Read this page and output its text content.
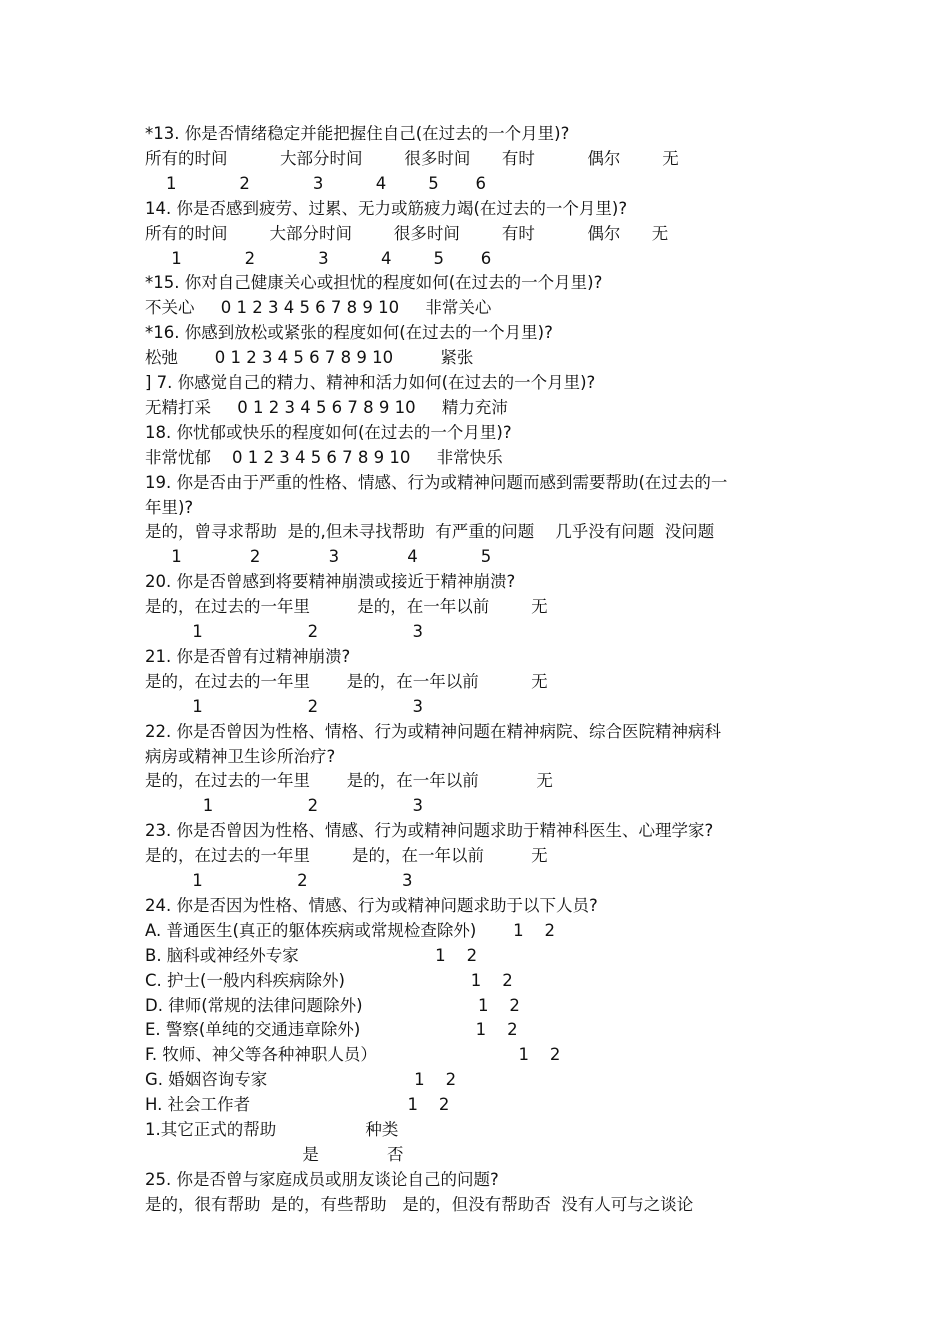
*13. 你是否情绪稳定并能把握住自己(在过去的一个月里)?
所有的时间          大部分时间        很多时间      有时          偶尔        无
1            2            3          4        5       6
14. 你是否感到疲劳、过累、无力或筋疲力竭(在过去的一个月里)?
所有的时间        大部分时间        很多时间        有时          偶尔      无
1            2            3          4        5       6
*15. 你对自己健康关心或担忧的程度如何(在过去的一个月里)?
不关心     0 1 2 3 4 5 6 7 8 9 10     非常关心
*16. 你感到放松或紧张的程度如何(在过去的一个月里)?
松弛       0 1 2 3 4 5 6 7 8 9 10         紧张
] 7. 你感觉自己的精力、精神和活力如何(在过去的一个月里)?
无精打采     0 1 2 3 4 5 6 7 8 9 10     精力充沛
18. 你忧郁或快乐的程度如何(在过去的一个月里)?
非常忧郁    0 1 2 3 4 5 6 7 8 9 10     非常快乐
19. 你是否由于严重的性格、情感、行为或精神问题而感到需要帮助(在过去的一
年里)?
是的，曾寻求帮助  是的,但未寻找帮助  有严重的问题    几乎没有问题  没问题
1             2             3             4            5
20. 你是否曾感到将要精神崩溃或接近于精神崩溃?
是的，在过去的一年里         是的，在一年以前        无
1                    2                  3
21. 你是否曾有过精神崩溃?
是的，在过去的一年里       是的，在一年以前          无
1                    2                  3
22. 你是否曾因为性格、情格、行为或精神问题在精神病院、综合医院精神病科
病房或精神卫生诊所治疗?
是的，在过去的一年里       是的，在一年以前           无
1                  2                  3
23. 你是否曾因为性格、情感、行为或精神问题求助于精神科医生、心理学家?
是的，在过去的一年里        是的，在一年以前         无
1                  2                  3
24. 你是否因为性格、情感、行为或精神问题求助于以下人员?
A. 普通医生(真正的躯体疾病或常规检查除外)       1    2
B. 脑科或神经外专家                          1    2
C. 护士(一般内科疾病除外)                        1    2
D. 律师(常规的法律问题除外)                      1    2
E. 警察(单纯的交通违章除外)                      1    2
F. 牧师、神父等各种神职人员）                           1    2
G. 婚姻咨询专家                            1    2
H. 社会工作者                              1    2
1.其它正式的帮助                 种类
是             否
25. 你是否曾与家庭成员或朋友谈论自己的问题?
是的，很有帮助  是的，有些帮助   是的，但没有帮助否  没有人可与之谈论
